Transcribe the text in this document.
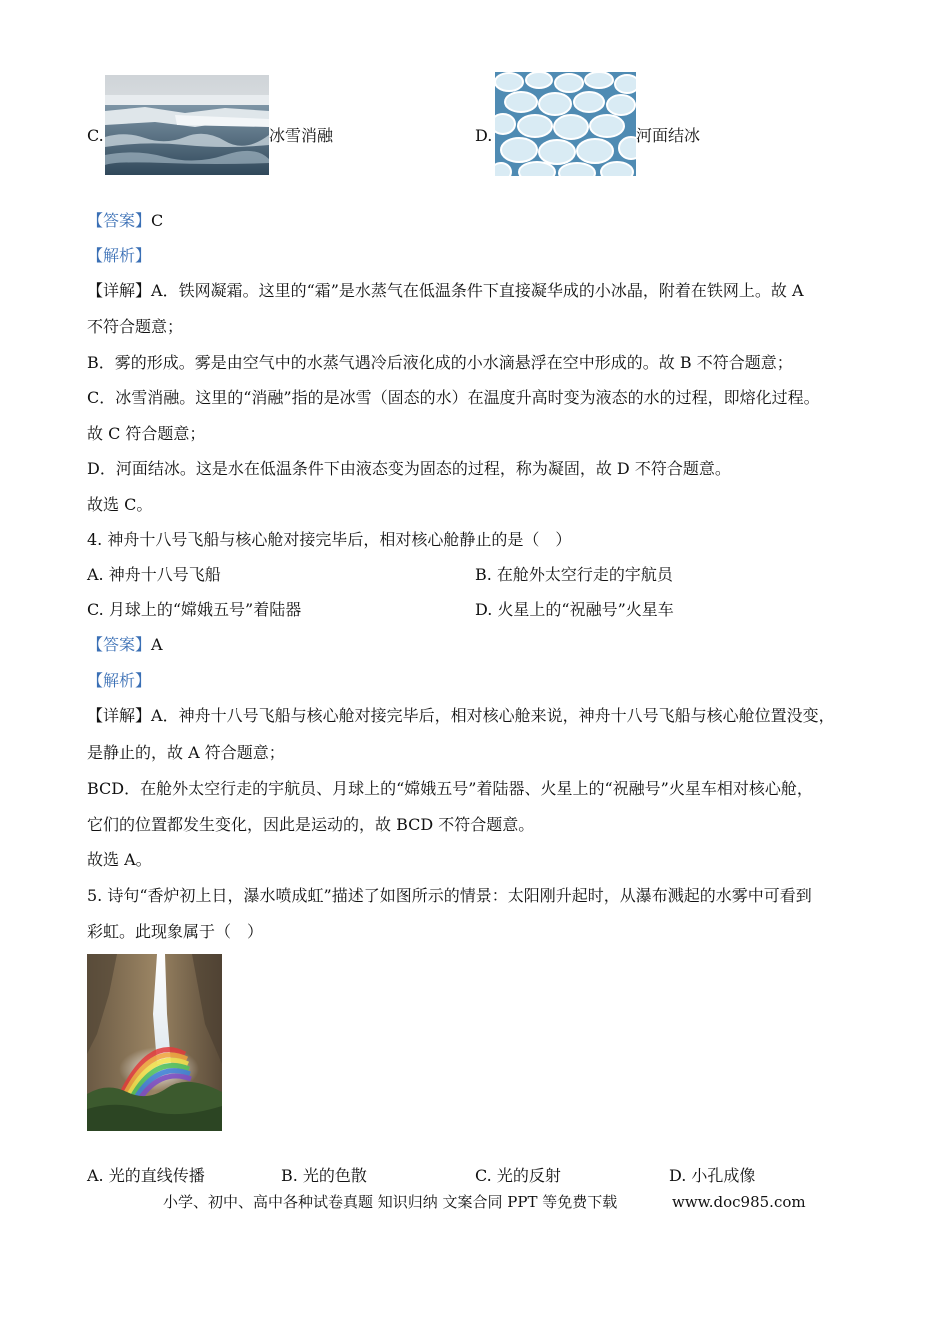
C.	冰雪消融	D.	河面结冰
【答案】C
【解析】
【详解】A．铁网凝霜。这里的“霜”是水蒸气在低温条件下直接凝华成的小冰晶，附着在铁网上。故 A
不符合题意；
B．雾的形成。雾是由空气中的水蒸气遇冷后液化成的小水滴悬浮在空中形成的。故 B 不符合题意；
C．冰雪消融。这里的“消融”指的是冰雪（固态的水）在温度升高时变为液态的水的过程，即熔化过程。
故 C 符合题意；
D．河面结冰。这是水在低温条件下由液态变为固态的过程，称为凝固，故 D 不符合题意。
故选 C。
4. 神舟十八号飞船与核心舱对接完毕后，相对核心舱静止的是（　）
A. 神舟十八号飞船	B. 在舱外太空行走的宇航员
C. 月球上的“嫦娥五号”着陆器	D. 火星上的“祝融号”火星车
【答案】A
【解析】
【详解】A．神舟十八号飞船与核心舱对接完毕后，相对核心舱来说，神舟十八号飞船与核心舱位置没变，
是静止的，故 A 符合题意；
BCD．在舱外太空行走的宇航员、月球上的“嫦娥五号”着陆器、火星上的“祝融号”火星车相对核心舱，
它们的位置都发生变化，因此是运动的，故 BCD 不符合题意。
故选 A。
5. 诗句“香炉初上日，瀑水喷成虹”描述了如图所示的情景：太阳刚升起时，从瀑布溅起的水雾中可看到
彩虹。此现象属于（　）
A. 光的直线传播	B. 光的色散	C. 光的反射	D. 小孔成像
小学、初中、高中各种试卷真题 知识归纳 文案合同 PPT 等免费下载	www.doc985.com
